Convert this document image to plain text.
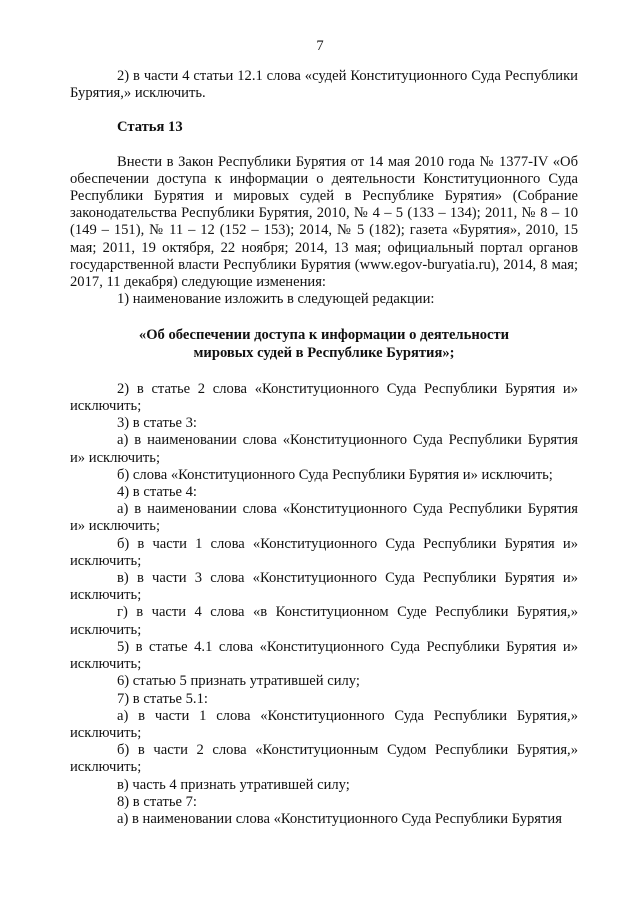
7

2) в части 4 статьи 12.1 слова «судей Конституционного Суда Республики Бурятия,» исключить.

Статья 13

Внести в Закон Республики Бурятия от 14 мая 2010 года № 1377-IV «Об обеспечении доступа к информации о деятельности Конституционного Суда Республики Бурятия и мировых судей в Республике Бурятия» (Собрание законодательства Республики Бурятия, 2010, № 4 – 5 (133 – 134); 2011, № 8 – 10 (149 – 151), № 11 – 12 (152 – 153); 2014, № 5 (182); газета «Бурятия», 2010, 15 мая; 2011, 19 октября, 22 ноября; 2014, 13 мая; официальный портал органов государственной власти Республики Бурятия (www.egov-buryatia.ru), 2014, 8 мая; 2017, 11 декабря) следующие изменения:

1) наименование изложить в следующей редакции:

«Об обеспечении доступа к информации о деятельности

мировых судей в Республике Бурятия»;

2) в статье 2 слова «Конституционного Суда Республики Бурятия и» исключить;

3) в статье 3:

а) в наименовании слова «Конституционного Суда Республики Бурятия и» исключить;

б) слова «Конституционного Суда Республики Бурятия и» исключить;

4) в статье 4:

а) в наименовании слова «Конституционного Суда Республики Бурятия и» исключить;

б) в части 1 слова «Конституционного Суда Республики Бурятия и» исключить;

в) в части 3 слова «Конституционного Суда Республики Бурятия и» исключить;

г) в части 4 слова «в Конституционном Суде Республики Бурятия,» исключить;

5) в статье 4.1 слова «Конституционного Суда Республики Бурятия и» исключить;

6) статью 5 признать утратившей силу;

7) в статье 5.1:

а) в части 1 слова «Конституционного Суда Республики Бурятия,» исключить;

б) в части 2 слова «Конституционным Судом Республики Бурятия,» исключить;

в) часть 4 признать утратившей силу;

8) в статье 7:

а) в наименовании слова «Конституционного Суда Республики Бурятия
